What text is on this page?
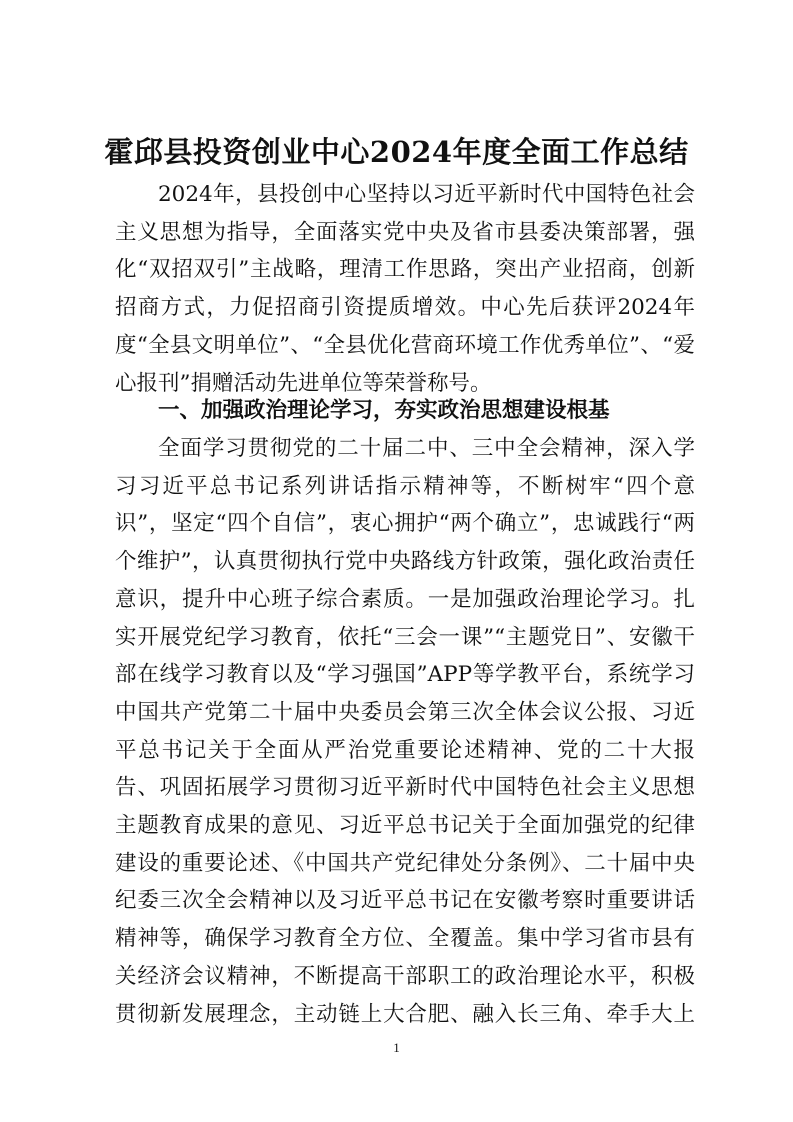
霍邱县投资创业中心2024年度全面工作总结

2024年，县投创中心坚持以习近平新时代中国特色社会主义思想为指导，全面落实党中央及省市县委决策部署，强化“双招双引”主战略，理清工作思路，突出产业招商，创新招商方式，力促招商引资提质增效。中心先后获评2024年度“全县文明单位”、“全县优化营商环境工作优秀单位”、“爱心报刊”捐赠活动先进单位等荣誉称号。

一、加强政治理论学习，夯实政治思想建设根基

全面学习贯彻党的二十届二中、三中全会精神，深入学习习近平总书记系列讲话指示精神等，不断树牢“四个意识”，坚定“四个自信”，衷心拥护“两个确立”，忠诚践行“两个维护”，认真贯彻执行党中央路线方针政策，强化政治责任意识，提升中心班子综合素质。一是加强政治理论学习。扎实开展党纪学习教育，依托“三会一课”“主题党日”、安徽干部在线学习教育以及“学习强国”APP等学教平台，系统学习中国共产党第二十届中央委员会第三次全体会议公报、习近平总书记关于全面从严治党重要论述精神、党的二十大报告、巩固拓展学习贯彻习近平新时代中国特色社会主义思想主题教育成果的意见、习近平总书记关于全面加强党的纪律建设的重要论述、《中国共产党纪律处分条例》、二十届中央纪委三次全会精神以及习近平总书记在安徽考察时重要讲话精神等，确保学习教育全方位、全覆盖。集中学习省市县有关经济会议精神，不断提高干部职工的政治理论水平，积极贯彻新发展理念，主动链上大合肥、融入长三角、牵手大上

1
